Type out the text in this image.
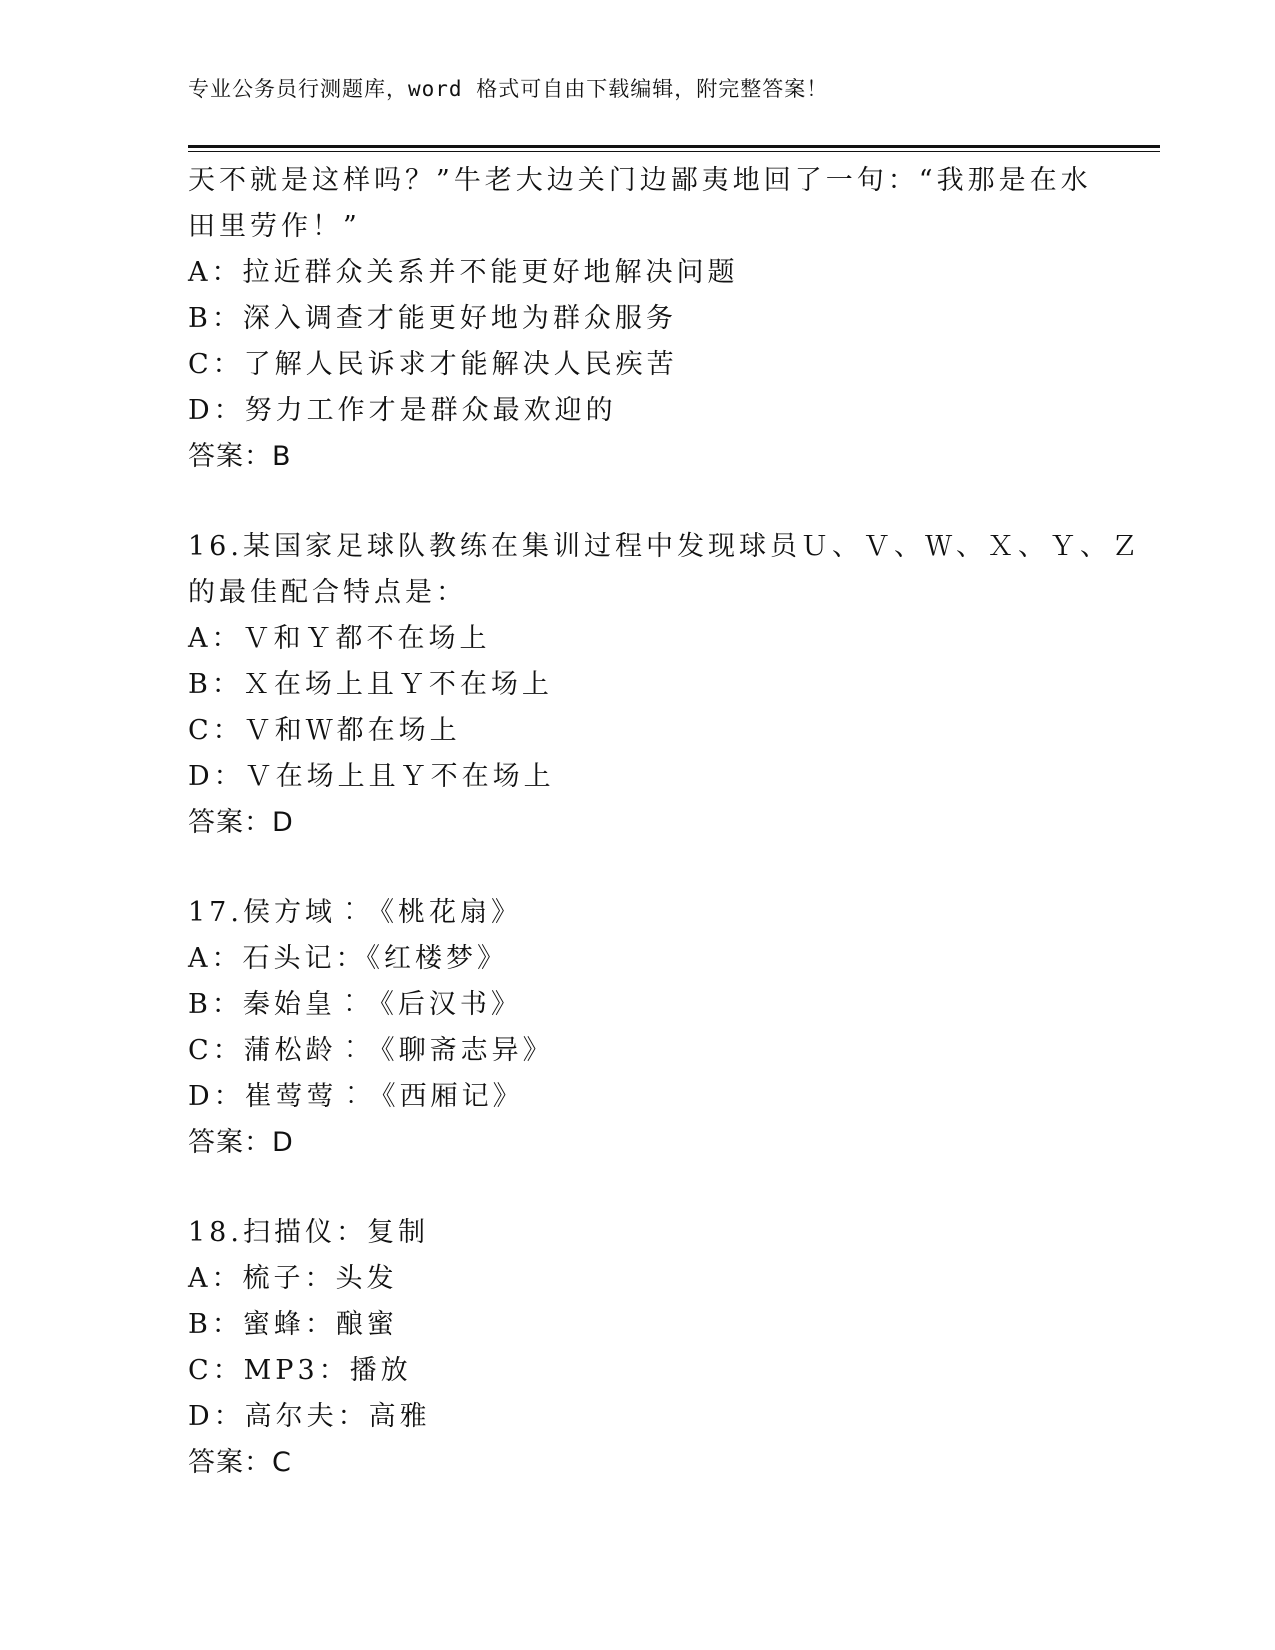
专业公务员行测题库，word 格式可自由下载编辑，附完整答案！
天不就是这样吗？”牛老大边关门边鄙夷地回了一句：“我那是在水
田里劳作！”
A：拉近群众关系并不能更好地解决问题
B：深入调查才能更好地为群众服务
C：了解人民诉求才能解决人民疾苦
D：努力工作才是群众最欢迎的
答案：B
16.某国家足球队教练在集训过程中发现球员Ｕ、Ｖ、Ｗ、Ｘ、Ｙ、Ｚ
的最佳配合特点是：
A：Ｖ和Ｙ都不在场上
B：Ｘ在场上且Ｙ不在场上
C：Ｖ和Ｗ都在场上
D：Ｖ在场上且Ｙ不在场上
答案：D
17.侯方域︰《桃花扇》
A：石头记：《红楼梦》
B：秦始皇︰《后汉书》
C：蒲松龄︰《聊斋志异》
D：崔莺莺︰《西厢记》
答案：D
18.扫描仪：复制
A：梳子：头发
B：蜜蜂：酿蜜
C：MP3：播放
D：高尔夫：高雅
答案：C
